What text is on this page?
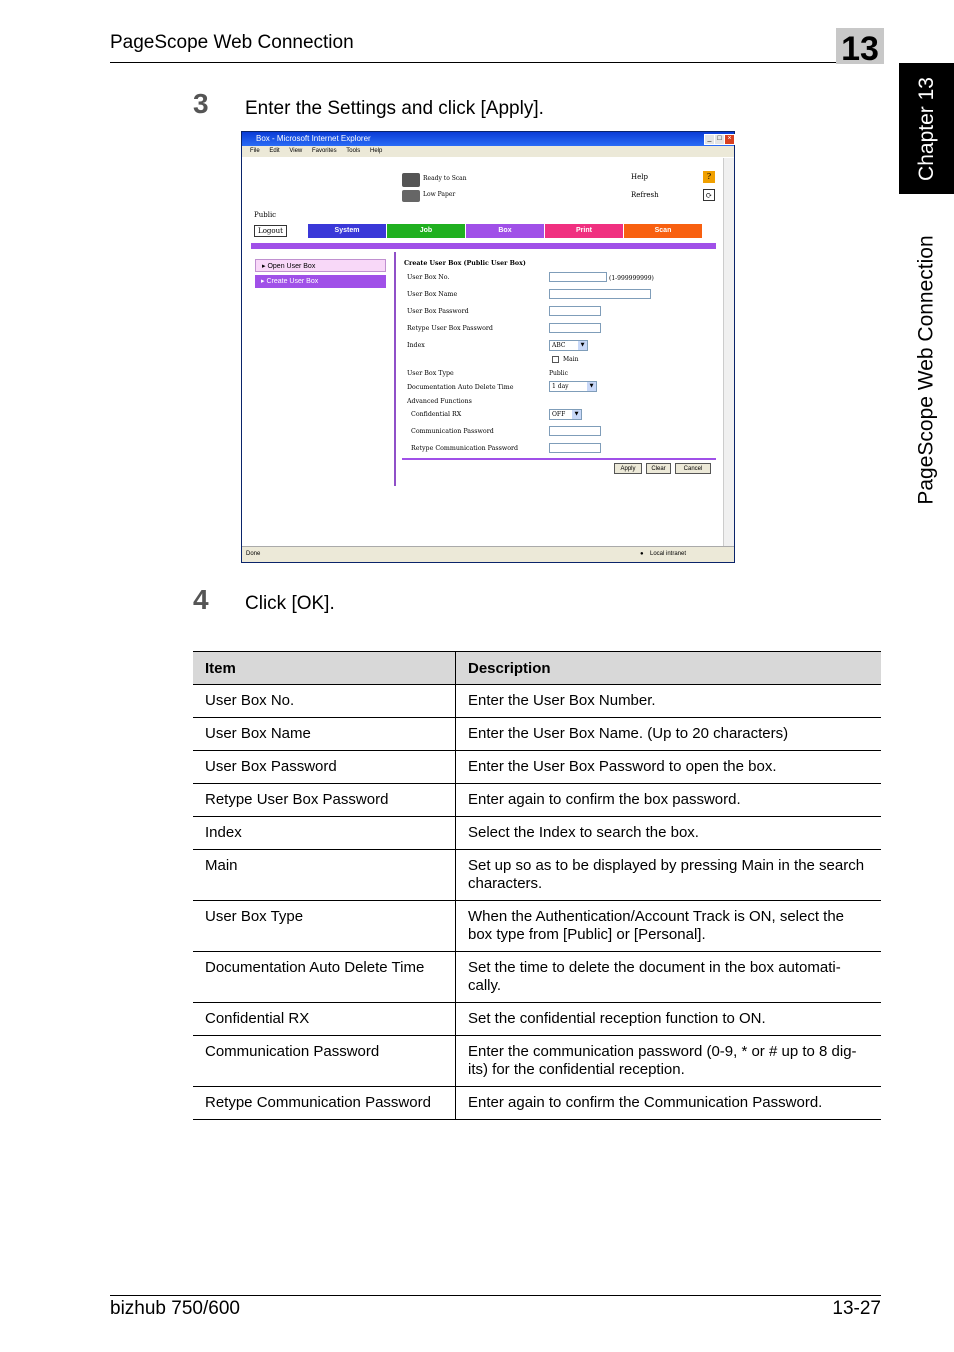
PageScope Web Connection	13
Chapter 13
PageScope Web Connection
3 Enter the Settings and click [Apply].
Box - Microsoft Internet Explorer	_ □ ×
File Edit View Favorites Tools Help
Ready to Scan
Low Paper
Help	?
Refresh	⟳
Public
Logout	System	Job	Box	Print	Scan
▸ Open User Box
▸ Create User Box
Create User Box (Public User Box)
User Box No.	(1-999999999)
User Box Name
User Box Password
Retype User Box Password
Index	ABC	▼
Main
User Box Type	Public
Documentation Auto Delete Time	1 day	▼
Advanced Functions
Confidential RX	OFF	▼
Communication Password
Retype Communication Password
Apply	Clear	Cancel
Done	● Local intranet
4 Click [OK].
Item	Description
User Box No.	Enter the User Box Number.
User Box Name	Enter the User Box Name. (Up to 20 characters)
User Box Password	Enter the User Box Password to open the box.
Retype User Box Password	Enter again to confirm the box password.
Index	Select the Index to search the box.
Main	Set up so as to be displayed by pressing Main in the search characters.
User Box Type	When the Authentication/Account Track is ON, select the box type from [Public] or [Personal].
Documentation Auto Delete Time	Set the time to delete the document in the box automati-cally.
Confidential RX	Set the confidential reception function to ON.
Communication Password	Enter the communication password (0-9, * or # up to 8 dig-its) for the confidential reception.
Retype Communication Password	Enter again to confirm the Communication Password.
bizhub 750/600	13-27
